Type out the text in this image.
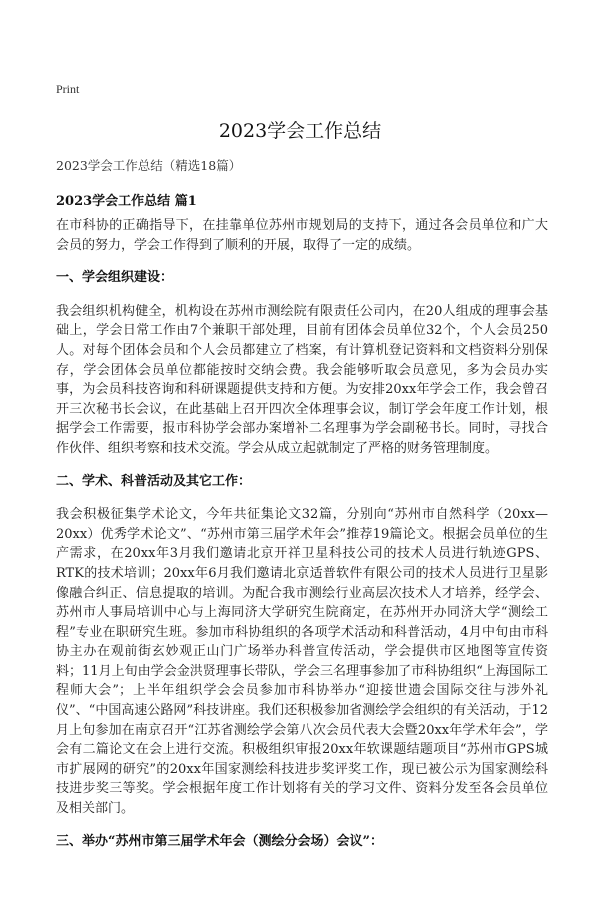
Print
2023学会工作总结
2023学会工作总结（精选18篇）
2023学会工作总结 篇1

在市科协的正确指导下，在挂靠单位苏州市规划局的支持下，通过各会员单位和广大会员的努力，学会工作得到了顺利的开展，取得了一定的成绩。

一、学会组织建设：

我会组织机构健全，机构设在苏州市测绘院有限责任公司内，在20人组成的理事会基础上，学会日常工作由7个兼职干部处理，目前有团体会员单位32个，个人会员250人。对每个团体会员和个人会员都建立了档案，有计算机登记资料和文档资料分别保存，学会团体会员单位都能按时交纳会费。我会能够听取会员意见，多为会员办实事，为会员科技咨询和科研课题提供支持和方便。为安排20xx年学会工作，我会曾召开三次秘书长会议，在此基础上召开四次全体理事会议，制订学会年度工作计划，根据学会工作需要，报市科协学会部办案增补二名理事为学会副秘书长。同时，寻找合作伙伴、组织考察和技术交流。学会从成立起就制定了严格的财务管理制度。

二、学术、科普活动及其它工作：

我会积极征集学术论文，今年共征集论文32篇，分别向“苏州市自然科学（20xx—20xx）优秀学术论文”、“苏州市第三届学术年会”推荐19篇论文。根据会员单位的生产需求，在20xx年3月我们邀请北京开祥卫星科技公司的技术人员进行轨迹GPS、RTK的技术培训；20xx年6月我们邀请北京适普软件有限公司的技术人员进行卫星影像融合纠正、信息提取的培训。为配合我市测绘行业高层次技术人才培养，经学会、苏州市人事局培训中心与上海同济大学研究生院商定，在苏州开办同济大学“测绘工程”专业在职研究生班。参加市科协组织的各项学术活动和科普活动，4月中旬由市科协主办在观前街玄妙观正山门广场举办科普宣传活动，学会提供市区地图等宣传资料；11月上旬由学会金洪贤理事长带队，学会三名理事参加了市科协组织“上海国际工程师大会”；上半年组织学会会员参加市科协举办“迎接世遗会国际交往与涉外礼仪”、“中国高速公路网”科技讲座。我们还积极参加省测绘学会组织的有关活动，于12月上旬参加在南京召开“江苏省测绘学会第八次会员代表大会暨20xx年学术年会”，学会有二篇论文在会上进行交流。积极组织审报20xx年软课题结题项目“苏州市GPS城市扩展网的研究”的20xx年国家测绘科技进步奖评奖工作，现已被公示为国家测绘科技进步奖三等奖。学会根据年度工作计划将有关的学习文件、资料分发至各会员单位及相关部门。

三、举办“苏州市第三届学术年会（测绘分会场）会议”：
